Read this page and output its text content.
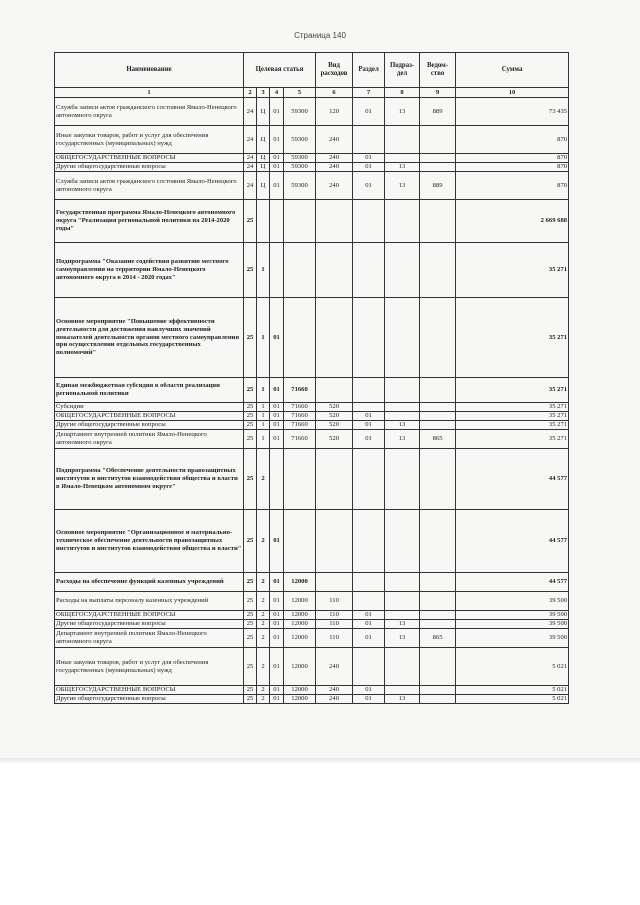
Страница 140
Наименование	Целевая статья				Вид расходов	Раздел	Подраз-дел	Ведом-ство	Сумма
1	2	3	4	5	6	7	8	9	10
Служба записи актов гражданского состояния Ямало-Ненецкого автономного округа	24	Ц	01	59300	120	01	13	889	73 435
Иные закупки товаров, работ и услуг для обеспечения государственных (муниципальных) нужд	24	Ц	01	59300	240				870
ОБЩЕГОСУДАРСТВЕННЫЕ ВОПРОСЫ	24	Ц	01	59300	240	01			870
Другие общегосударственные вопросы	24	Ц	01	59300	240	01	13		870
Служба записи актов гражданского состояния Ямало-Ненецкого автономного округа	24	Ц	01	59300	240	01	13	889	870
Государственная программа Ямало-Ненецкого автономного округа "Реализация региональной политики на 2014-2020 годы"	25								2 669 688
Подпрограмма "Оказание содействия развитию местного самоуправления на территории Ямало-Ненецкого автономного округа в 2014 - 2020 годах"	25	1							35 271
Основное мероприятие "Повышение эффективности деятельности для достижения наилучших значений показателей деятельности органов местного самоуправления при осуществлении отдельных государственных полномочий"	25	1	01						35 271
Единая межбюджетная субсидия в области реализации региональной политики	25	1	01	71660					35 271
Субсидии	25	1	01	71660	520				35 271
ОБЩЕГОСУДАРСТВЕННЫЕ ВОПРОСЫ	25	1	01	71660	520	01			35 271
Другие общегосударственные вопросы	25	1	01	71660	520	01	13		35 271
Департамент внутренней политики Ямало-Ненецкого автономного округа	25	1	01	71660	520	01	13	865	35 271
Подпрограмма "Обеспечение деятельности правозащитных институтов и институтов взаимодействия общества и власти в Ямало-Ненецком автономном округе"	25	2							44 577
Основное мероприятие "Организационное и материально-техническое обеспечение деятельности правозащитных институтов и институтов взаимодействия общества и власти"	25	2	01						44 577
Расходы на обеспечение функций казенных учреждений	25	2	01	12000					44 577
Расходы на выплаты персоналу казенных учреждений	25	2	01	12000	110				39 500
ОБЩЕГОСУДАРСТВЕННЫЕ ВОПРОСЫ	25	2	01	12000	110	01			39 500
Другие общегосударственные вопросы	25	2	01	12000	110	01	13		39 500
Департамент внутренней политики Ямало-Ненецкого автономного округа	25	2	01	12000	110	01	13	865	39 500
Иные закупки товаров, работ и услуг для обеспечения государственных (муниципальных) нужд	25	2	01	12000	240				5 021
ОБЩЕГОСУДАРСТВЕННЫЕ ВОПРОСЫ	25	2	01	12000	240	01			5 021
Другие общегосударственные вопросы	25	2	01	12000	240	01	13		5 021
